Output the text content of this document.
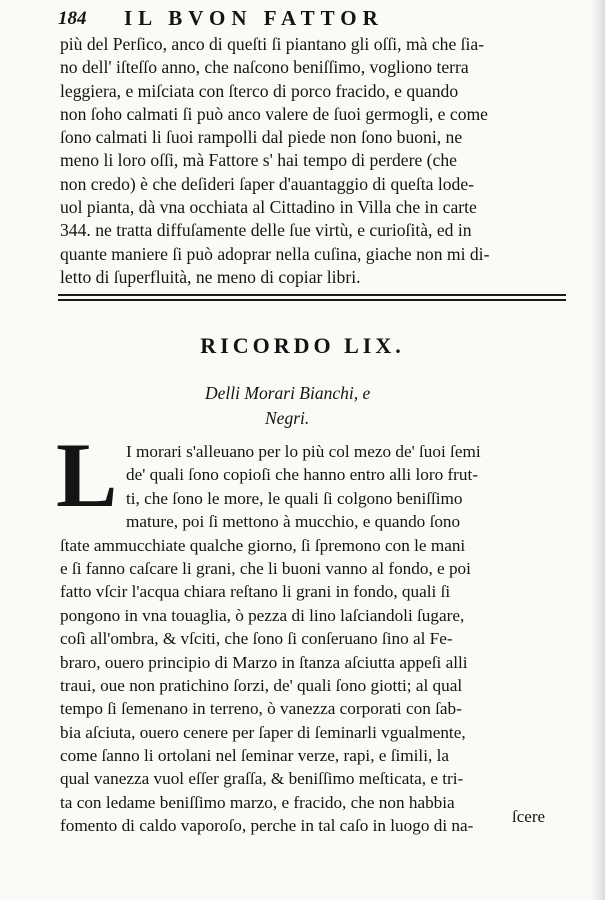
184 IL BVON FATTOR
più del Perſico, anco di queſti ſi piantano gli oſſi, mà che ſia-
no dell' iſteſſo anno, che naſcono beniſſimo, vogliono terra
leggiera, e miſciata con ſterco di porco fracido, e quando
non ſoho calmati ſi può anco valere de ſuoi germogli, e come
ſono calmati li ſuoi rampolli dal piede non ſono buoni, ne
meno li loro oſſi, mà Fattore s' hai tempo di perdere (che
non credo) è che deſideri ſaper d'auantaggio di queſta lode-
uol pianta, dà vna occhiata al Cittadino in Villa che in carte
344. ne tratta diffuſamente delle ſue virtù, e curioſità, ed in
quante maniere ſi può adoprar nella cuſina, giache non mi di-
letto di ſuperfluità, ne meno di copiar libri.
RICORDO LIX.
Delli Morari Bianchi, e
Negri.
L I morari s'alleuano per lo più col mezo de' ſuoi ſemi
de' quali ſono copioſi che hanno entro alli loro frut-
ti, che ſono le more, le quali ſi colgono beniſſimo
mature, poi ſi mettono à mucchio, e quando ſono
ſtate ammucchiate qualche giorno, ſi ſpremono con le mani
e ſi fanno caſcare li grani, che li buoni vanno al fondo, e poi
fatto vſcir l'acqua chiara reſtano li grani in fondo, quali ſi
pongono in vna touaglia, ò pezza di lino laſciandoli ſugare,
coſì all'ombra, & vſciti, che ſono ſi conſeruano ſino al Fe-
braro, ouero principio di Marzo in ſtanza aſciutta appeſi alli
traui, oue non pratichino ſorzi, de' quali ſono giotti; al qual
tempo ſi ſemenano in terreno, ò vanezza corporati con ſab-
bia aſciuta, ouero cenere per ſaper di ſeminarli vgualmente,
come ſanno li ortolani nel ſeminar verze, rapi, e ſimili, la
qual vanezza vuol eſſer graſſa, & beniſſimo meſticata, e tri-
ta con ledame beniſſimo marzo, e fracido, che non habbia
fomento di caldo vaporoſo, perche in tal caſo in luogo di na-	ſcere
